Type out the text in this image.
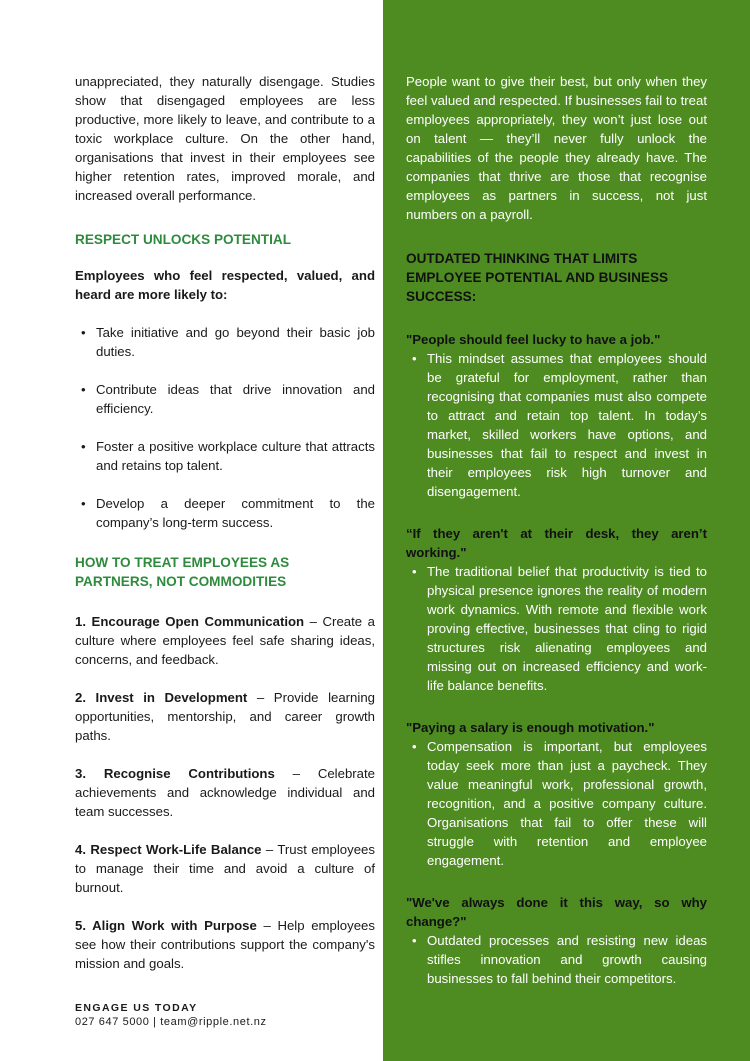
unappreciated, they naturally disengage. Studies show that disengaged employees are less productive, more likely to leave, and contribute to a toxic workplace culture. On the other hand, organisations that invest in their employees see higher retention rates, improved morale, and increased overall performance.

RESPECT UNLOCKS POTENTIAL

Employees who feel respected, valued, and heard are more likely to:

• Take initiative and go beyond their basic job duties.
• Contribute ideas that drive innovation and efficiency.
• Foster a positive workplace culture that attracts and retains top talent.
• Develop a deeper commitment to the company’s long-term success.
HOW TO TREAT EMPLOYEES AS
PARTNERS, NOT COMMODITIES

1. Encourage Open Communication – Create a culture where employees feel safe sharing ideas, concerns, and feedback.

2. Invest in Development – Provide learning opportunities, mentorship, and career growth paths.

3. Recognise Contributions – Celebrate achievements and acknowledge individual and team successes.

4. Respect Work-Life Balance – Trust employees to manage their time and avoid a culture of burnout.

5. Align Work with Purpose – Help employees see how their contributions support the company's mission and goals.

People want to give their best, but only when they feel valued and respected. If businesses fail to treat employees appropriately, they won’t just lose out on talent — they’ll never fully unlock the capabilities of the people they already have. The companies that thrive are those that recognise employees as partners in success, not just numbers on a payroll.

OUTDATED THINKING THAT LIMITS EMPLOYEE POTENTIAL AND BUSINESS SUCCESS:

"People should feel lucky to have a job."

• This mindset assumes that employees should be grateful for employment, rather than recognising that companies must also compete to attract and retain top talent. In today’s market, skilled workers have options, and businesses that fail to respect and invest in their employees risk high turnover and disengagement.

“If they aren't at their desk, they aren’t working."

• The traditional belief that productivity is tied to physical presence ignores the reality of modern work dynamics. With remote and flexible work proving effective, businesses that cling to rigid structures risk alienating employees and missing out on increased efficiency and work-life balance benefits.

"Paying a salary is enough motivation."

• Compensation is important, but employees today seek more than just a paycheck. They value meaningful work, professional growth, recognition, and a positive company culture. Organisations that fail to offer these will struggle with retention and employee engagement.

"We've always done it this way, so why change?"

• Outdated processes and resisting new ideas stifles innovation and growth causing businesses to fall behind their competitors.
ENGAGE US TODAY
027 647 5000 | team@ripple.net.nz
